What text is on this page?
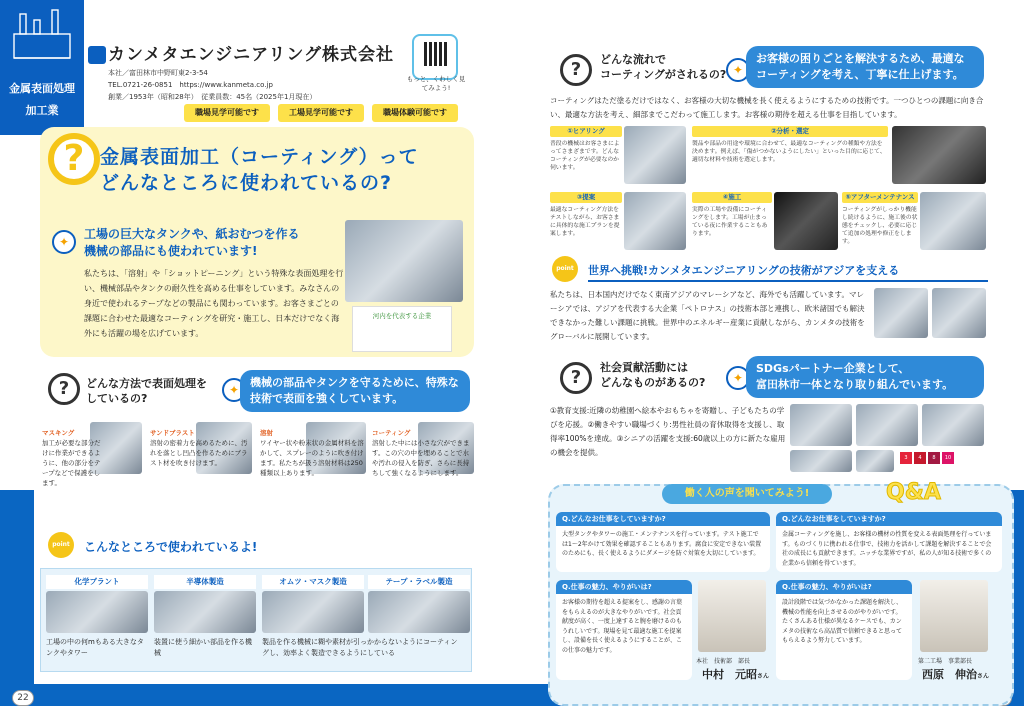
金属表面処理
加工業
カンメタエンジニアリング株式会社
本社／富田林市中野町東2-3-54
TEL.0721-26-0851　https://www.kanmeta.co.jp
創業／1953年（昭和28年）　従業員数：45名（2025年1月現在）
もっと、くわしく見てみよう!
職場見学可能です	工場見学可能です	職場体験可能です
? 金属表面加工（コーティング）って
どんなところに使われているの?
✦
工場の巨大なタンクや、紙おむつを作る
機械の部品にも使われています!
私たちは、「溶射」や「ショットピーニング」という特殊な表面処理を行い、機械部品やタンクの耐久性を高める仕事をしています。みなさんの身近で使われるテープなどの製品にも関わっています。お客さまごとの課題に合わせた最適なコーティングを研究・施工し、日本だけでなく海外にも活躍の場を広げています。
河内を代表する企業
?	どんな方法で表面処理を
しているの?
✦
機械の部品やタンクを守るために、特殊な技術で表面を強くしています。
マスキング
加工が必要な部分だけに作業ができるように、他の部分をテープなどで保護をします。
サンドブラスト
溶射の密着力を高めるために、汚れを落とし凹凸を作るためにブラスト材を吹き付けます。
溶射
ワイヤー状や粉末状の金属材料を溶かして、スプレーのように吹き付けます。私たちが扱う溶射材料は250種類以上あります。
コーティング
溶射した中には小さな穴ができます。この穴の中を埋めることで水や汚れの侵入を防ぎ、さらに長持ちして強くなるようにします。
point	こんなところで使われているよ!
化学プラント
工場の中の何mもある大きなタンクやタワー
半導体製造
装置に使う細かい部品を作る機械
オムツ・マスク製造
製品を作る機械に糊や素材が引っかからないようにコーティングし、効率よく製造できるようにしている
テープ・ラベル製造
22
?	どんな流れで
コーティングがされるの? ✦
お客様の困りごとを解決するため、最適なコーティングを考え、丁寧に仕上げます。
コーティングはただ塗るだけではなく、お客様の大切な機械を長く使えるようにするための技術です。一つひとつの課題に向き合い、最適な方法を考え、細部までこだわって施工します。お客様の期待を超える仕事を目指しています。
①ヒアリング
普段の機械はお客さまによってさまざまです。どんなコーティングが必要なのか伺います。
②分析・選定
製品や部品の用途や環境に合わせて、最適なコーティングの種類や方法を決めます。例えば、「傷がつかないようにしたい」といった目的に応じて、適切な材料や技術を選定します。
③提案
最適なコーティング方法をテストしながら、お客さまに具体的な施工プランを提案します。
④施工
実際の工場や設備にコーティングをします。工場が止まっている夜に作業することもあります。
⑤アフターメンテナンス
コーティングがしっかり機能し続けるように、施工後の状態をチェックし、必要に応じて追加の処理や修正をします。
point	世界へ挑戦!カンメタエンジニアリングの技術がアジアを支える
私たちは、日本国内だけでなく東南アジアのマレーシアなど、海外でも活躍しています。マレーシアでは、アジアを代表する大企業「ペトロナス」の技術本部と連携し、欧米諸国でも解決できなかった難しい課題に挑戦。世界中のエネルギー産業に貢献しながら、カンメタの技術をグローバルに展開しています。
?	社会貢献活動には
どんなものがあるの?	✦
SDGsパートナー企業として、
富田林市一体となり取り組んでいます。
①教育支援:近隣の幼稚園へ絵本やおもちゃを寄贈し、子どもたちの学びを応援。②働きやすい職場づくり:男性社員の育休取得を支援し、取得率100%を達成。③シニアの活躍を支援:60歳以上の方に新たな雇用の機会を提供。
3	4	8	10
働く人の声を聞いてみよう!	Q&A
Q.どんなお仕事をしていますか?
大型タンクやタワーの施工・メンテナンスを行っています。テスト施工では1〜2年かけて効果を確認することもあります。腐食に安定できない装置のためにも、長く使えるようにダメージを防ぐ対策を大切にしています。
Q.仕事の魅力、やりがいは?
お客様の期待を超える提案をし、感謝の言葉をもらえるのが大きなやりがいです。社会貢献度が高く、一度上達すると腕を磨けるのもうれしいです。現場を見て最適な施工を提案し、設備を長く使えるようにすることが、この仕事の魅力です。
本社　技術部　部長
中村　元昭さん
Q.どんなお仕事をしていますか?
金属コーティングを施し、お客様の機材の性質を変える表面処理を行っています。ものづくりに携われる仕事で、技術力を活かして課題を解決することで会社の成長にも貢献できます。ニッチな業界ですが、私の人が知る技術で多くの企業から信頼を得ています。
Q.仕事の魅力、やりがいは?
設計段階では気づかなかった課題を解決し、機械の性能を向上させるのがやりがいです。たくさんある仕様が異なるケースでも、カンメタの技術なら高品質で信頼できると思ってもらえるよう努力しています。
第二工場　事業部長
西原　伸治さん
